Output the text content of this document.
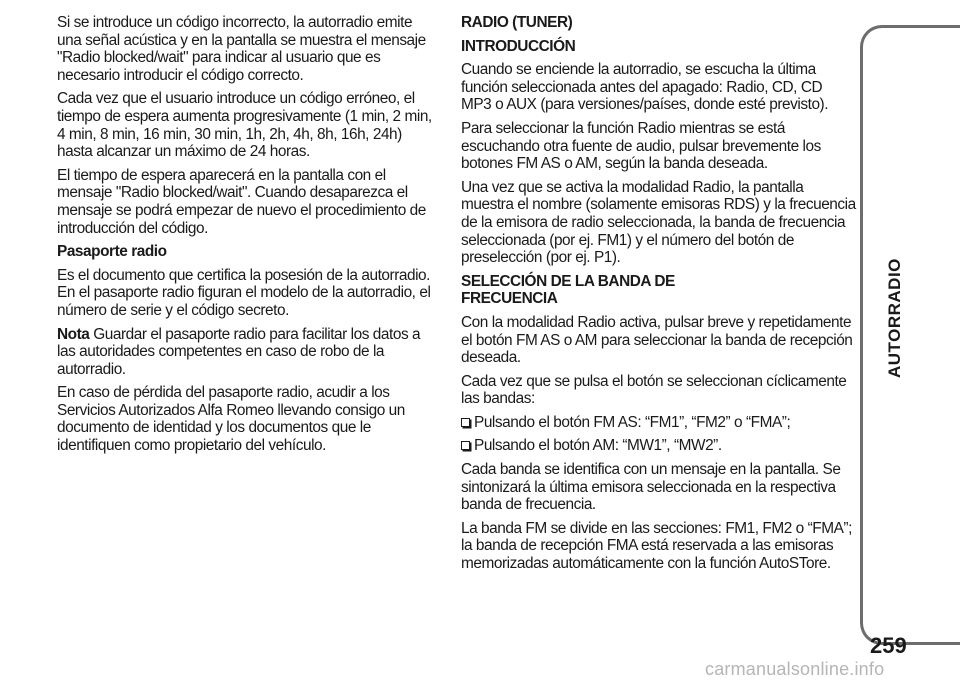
Si se introduce un código incorrecto, la autorradio emite una señal acústica y en la pantalla se muestra el mensaje "Radio blocked/wait" para indicar al usuario que es necesario introducir el código correcto.

Cada vez que el usuario introduce un código erróneo, el tiempo de espera aumenta progresivamente (1 min, 2 min, 4 min, 8 min, 16 min, 30 min, 1h, 2h, 4h, 8h, 16h, 24h) hasta alcanzar un máximo de 24 horas.

El tiempo de espera aparecerá en la pantalla con el mensaje "Radio blocked/wait". Cuando desaparezca el mensaje se podrá empezar de nuevo el procedimiento de introducción del código.

Pasaporte radio

Es el documento que certifica la posesión de la autorradio. En el pasaporte radio figuran el modelo de la autorradio, el número de serie y el código secreto.

Nota Guardar el pasaporte radio para facilitar los datos a las autoridades competentes en caso de robo de la autorradio.

En caso de pérdida del pasaporte radio, acudir a los Servicios Autorizados Alfa Romeo llevando consigo un documento de identidad y los documentos que le identifiquen como propietario del vehículo.

RADIO (TUNER)

INTRODUCCIÓN

Cuando se enciende la autorradio, se escucha la última función seleccionada antes del apagado: Radio, CD, CD MP3 o AUX (para versiones/países, donde esté previsto).

Para seleccionar la función Radio mientras se está escuchando otra fuente de audio, pulsar brevemente los botones FM AS o AM, según la banda deseada.

Una vez que se activa la modalidad Radio, la pantalla muestra el nombre (solamente emisoras RDS) y la frecuencia de la emisora de radio seleccionada, la banda de frecuencia seleccionada (por ej. FM1) y el número del botón de preselección (por ej. P1).

SELECCIÓN DE LA BANDA DE
FRECUENCIA

Con la modalidad Radio activa, pulsar breve y repetidamente el botón FM AS o AM para seleccionar la banda de recepción deseada.

Cada vez que se pulsa el botón se seleccionan cíclicamente las bandas:

Pulsando el botón FM AS: “FM1”, “FM2” o “FMA”;

Pulsando el botón AM: “MW1”, “MW2”.

Cada banda se identifica con un mensaje en la pantalla. Se sintonizará la última emisora seleccionada en la respectiva banda de frecuencia.

La banda FM se divide en las secciones: FM1, FM2 o “FMA”; la banda de recepción FMA está reservada a las emisoras memorizadas automáticamente con la función AutoSTore.

AUTORRADIO
259
carmanualsonline.info
